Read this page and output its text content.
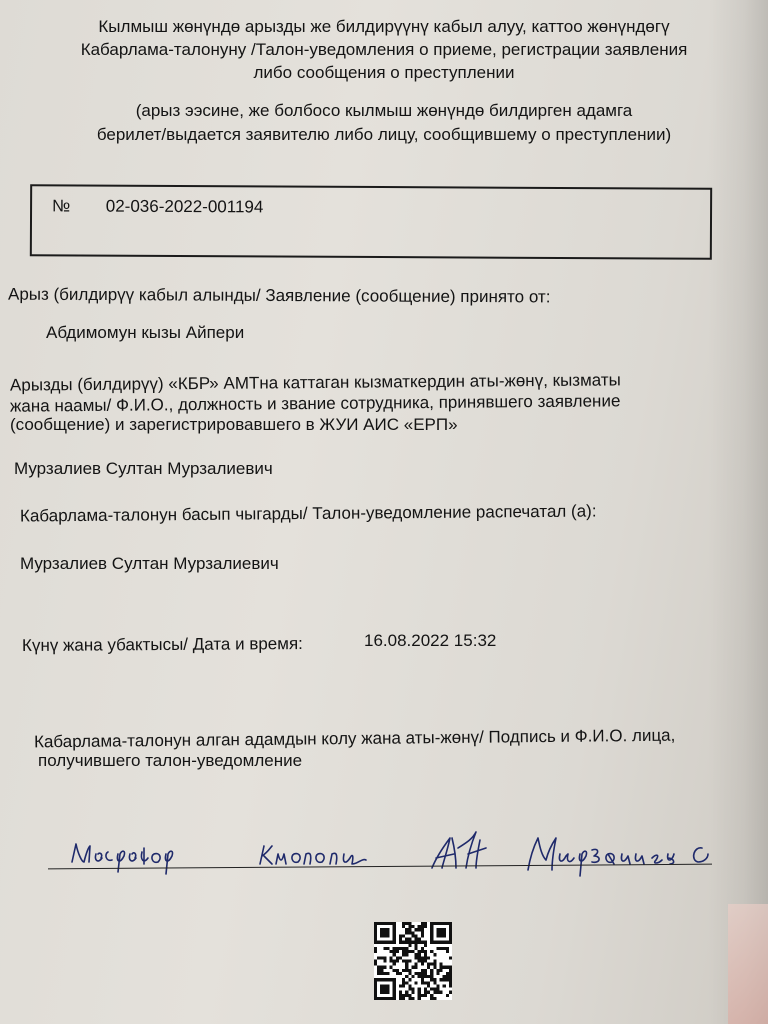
Кылмыш жөнүндө арызды же билдирүүнү кабыл алуу, каттоо жөнүндөгү
Кабарлама-талонуну /Талон-уведомления о приеме, регистрации заявления
либо сообщения о преступлении
(арыз ээсине, же болбосо кылмыш жөнүндө билдирген адамга
берилет/выдается заявителю либо лицу, сообщившему о преступлении)
№ 02-036-2022-001194
Арыз (билдирүү кабыл алынды/ Заявление (сообщение) принято от:
Абдимомун кызы Айпери
Арызды (билдирүү) «КБР» АМТна каттаган кызматкердин аты-жөнү, кызматы
жана наамы/ Ф.И.О., должность и звание сотрудника, принявшего заявление
(сообщение) и зарегистрировавшего в ЖУИ АИС «ЕРП»
Мурзалиев Султан Мурзалиевич
Кабарлама-талонун басып чыгарды/ Талон-уведомление распечатал (а):
Мурзалиев Султан Мурзалиевич
Күнү жана убактысы/ Дата и время:	16.08.2022 15:32
Кабарлама-талонун алган адамдын колу жана аты-жөнү/ Подпись и Ф.И.О. лица,
получившего талон-уведомление
